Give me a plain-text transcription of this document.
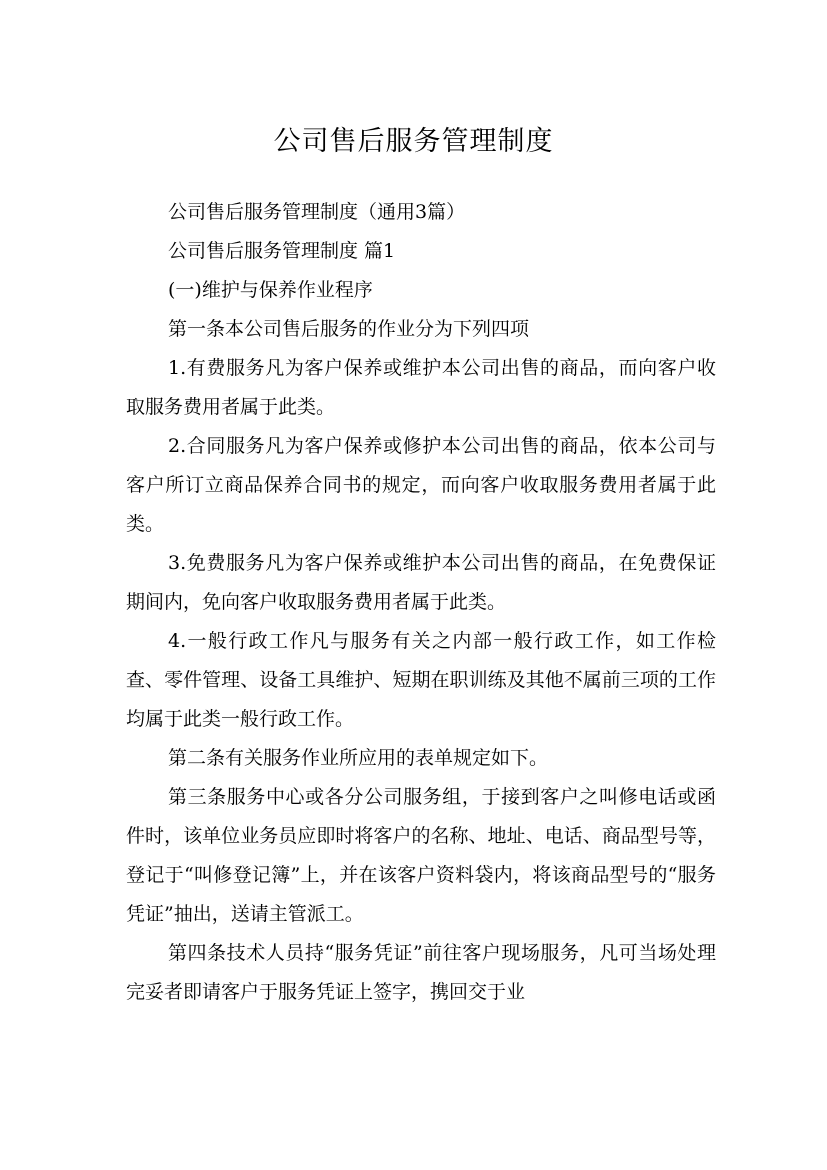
公司售后服务管理制度

公司售后服务管理制度（通用3篇）

公司售后服务管理制度 篇1

(一)维护与保养作业程序

第一条本公司售后服务的作业分为下列四项

1.有费服务凡为客户保养或维护本公司出售的商品，而向客户收取服务费用者属于此类。

2.合同服务凡为客户保养或修护本公司出售的商品，依本公司与客户所订立商品保养合同书的规定，而向客户收取服务费用者属于此类。

3.免费服务凡为客户保养或维护本公司出售的商品，在免费保证期间内，免向客户收取服务费用者属于此类。

4.一般行政工作凡与服务有关之内部一般行政工作，如工作检查、零件管理、设备工具维护、短期在职训练及其他不属前三项的工作均属于此类一般行政工作。

第二条有关服务作业所应用的表单规定如下。

第三条服务中心或各分公司服务组，于接到客户之叫修电话或函件时，该单位业务员应即时将客户的名称、地址、电话、商品型号等，登记于“叫修登记簿”上，并在该客户资料袋内，将该商品型号的“服务凭证”抽出，送请主管派工。

第四条技术人员持“服务凭证”前往客户现场服务，凡可当场处理完妥者即请客户于服务凭证上签字，携回交于业
